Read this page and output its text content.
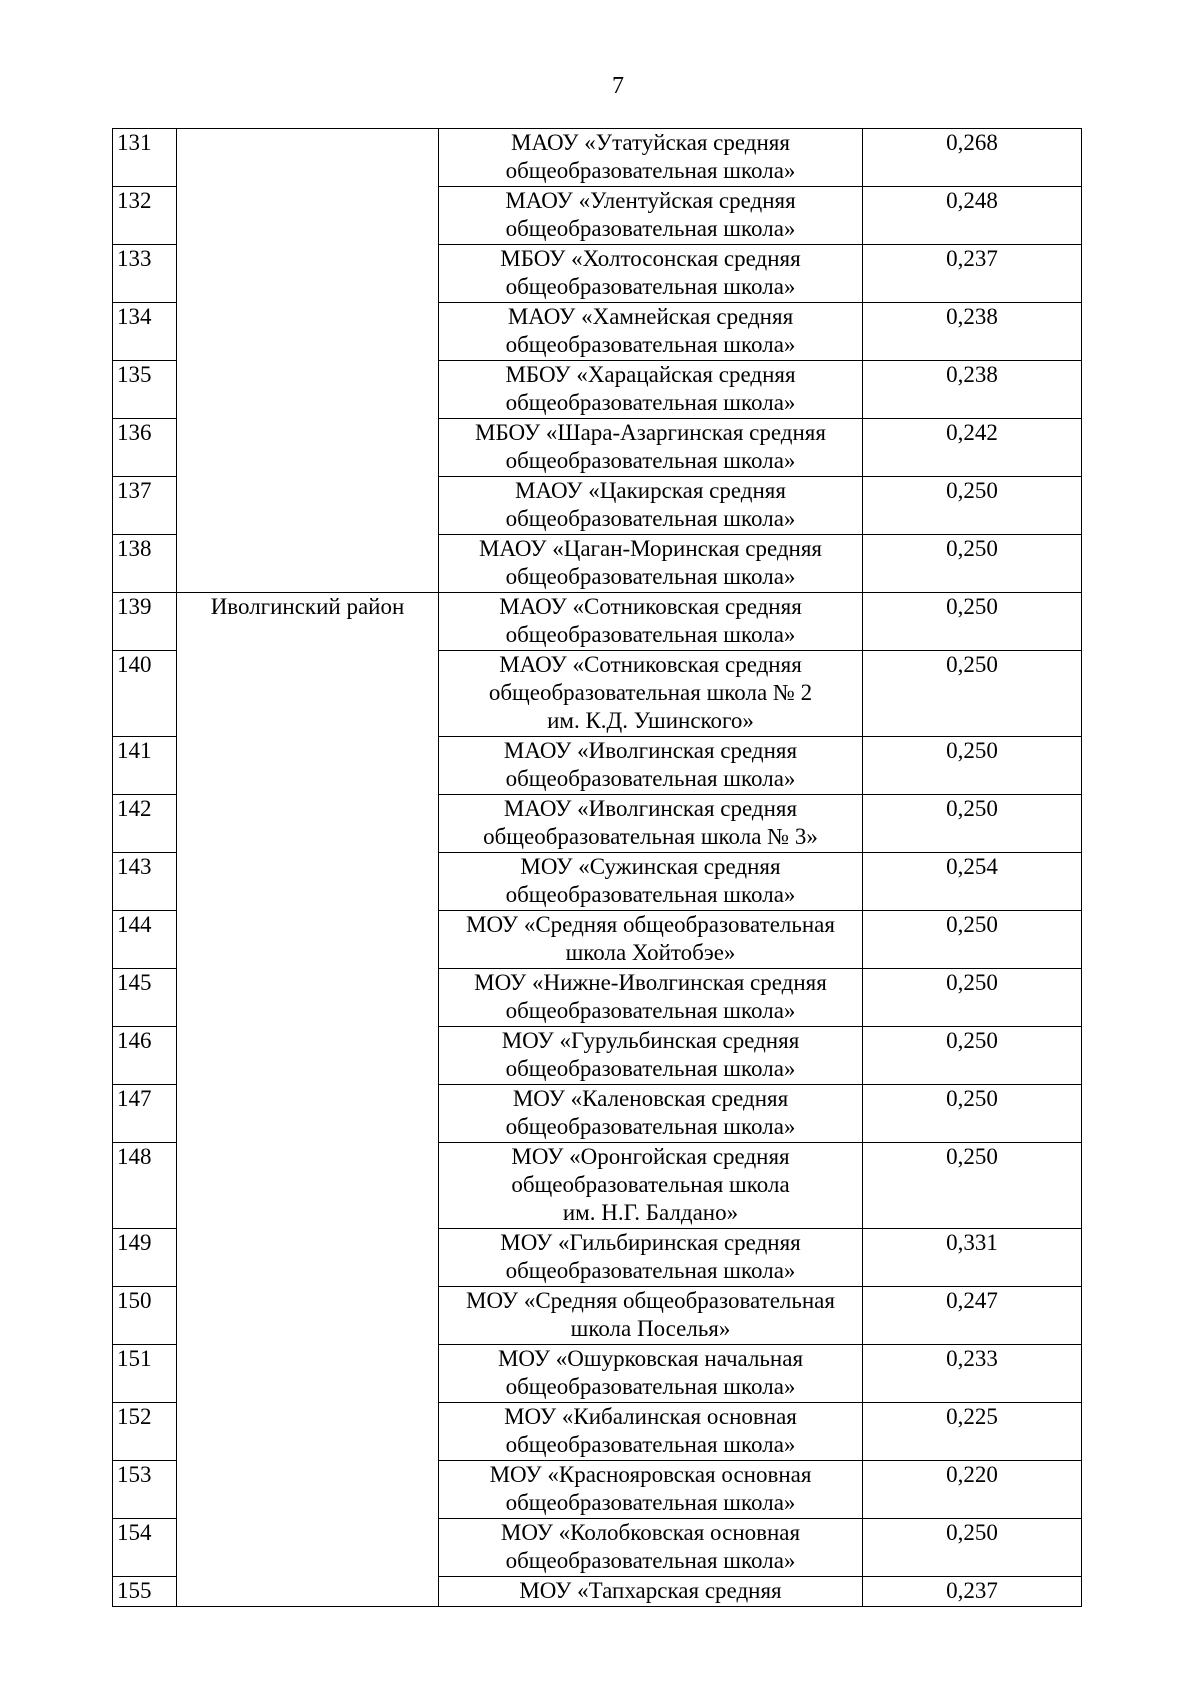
7
131		МАОУ «Утатуйская средняя
общеобразовательная школа»	0,268
132		МАОУ «Улентуйская средняя
общеобразовательная школа»	0,248
133		МБОУ «Холтосонская средняя
общеобразовательная школа»	0,237
134		МАОУ «Хамнейская средняя
общеобразовательная школа»	0,238
135		МБОУ «Харацайская средняя
общеобразовательная школа»	0,238
136		МБОУ «Шара-Азаргинская средняя
общеобразовательная школа»	0,242
137		МАОУ «Цакирская средняя
общеобразовательная школа»	0,250
138		МАОУ «Цаган-Моринская средняя
общеобразовательная школа»	0,250
139	Иволгинский район	МАОУ «Сотниковская средняя
общеобразовательная школа»	0,250
140		МАОУ «Сотниковская средняя
общеобразовательная школа № 2
им. К.Д. Ушинского»	0,250
141		МАОУ «Иволгинская средняя
общеобразовательная школа»	0,250
142		МАОУ «Иволгинская средняя
общеобразовательная школа № 3»	0,250
143		МОУ «Сужинская средняя
общеобразовательная школа»	0,254
144		МОУ «Средняя общеобразовательная
школа Хойтобэе»	0,250
145		МОУ «Нижне-Иволгинская средняя
общеобразовательная школа»	0,250
146		МОУ «Гурульбинская средняя
общеобразовательная школа»	0,250
147		МОУ «Каленовская средняя
общеобразовательная школа»	0,250
148		МОУ «Оронгойская средняя
общеобразовательная школа
им. Н.Г. Балдано»	0,250
149		МОУ «Гильбиринская средняя
общеобразовательная школа»	0,331
150		МОУ «Средняя общеобразовательная
школа Поселья»	0,247
151		МОУ «Ошурковская начальная
общеобразовательная школа»	0,233
152		МОУ «Кибалинская основная
общеобразовательная школа»	0,225
153		МОУ «Краснояровская основная
общеобразовательная школа»	0,220
154		МОУ «Колобковская основная
общеобразовательная школа»	0,250
155		МОУ «Тапхарская средняя	0,237
